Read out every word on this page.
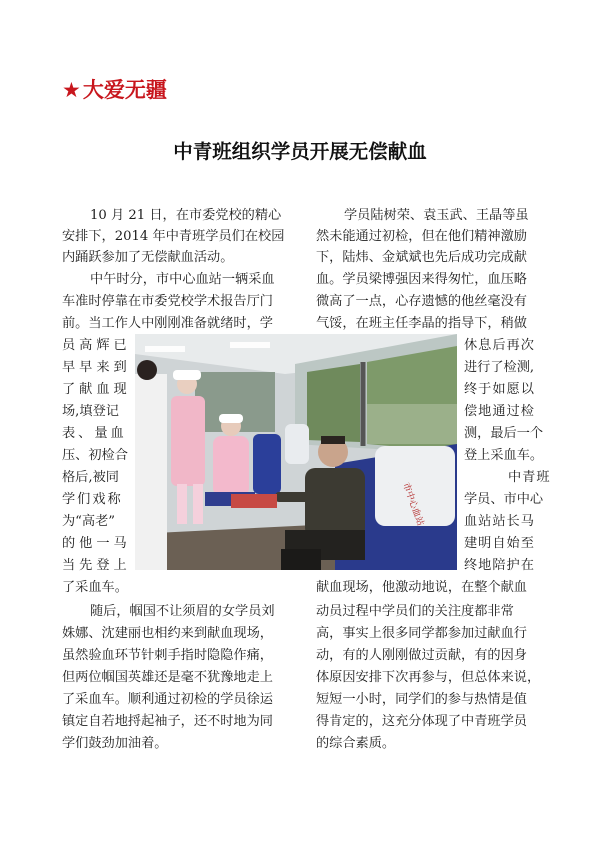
★大爱无疆
中青班组织学员开展无偿献血
10 月 21 日，在市委党校的精心
安排下，2014 年中青班学员们在校园
内踊跃参加了无偿献血活动。
中午时分，市中心血站一辆采血
车准时停靠在市委党校学术报告厅门
前。当工作人中刚刚准备就绪时，学
员高辉已
早早来到
了献血现
场,填登记
表、量血
压、初检合
格后,被同
学们戏称
为“高老”
的他一马
当先登上
了采血车。
随后，帼国不让须眉的女学员刘
姝娜、沈建丽也相约来到献血现场，
虽然验血环节针刺手指时隐隐作痛，
但两位帼国英雄还是毫不犹豫地走上
了采血车。顺利通过初检的学员徐运
镇定自若地捋起袖子，还不时地为同
学们鼓劲加油着。
学员陆树荣、袁玉武、王晶等虽
然未能通过初检，但在他们精神激励
下，陆炜、金斌斌也先后成功完成献
血。学员梁博强因来得匆忙，血压略
微高了一点，心存遗憾的他丝毫没有
气馁，在班主任李晶的指导下，稍做
休息后再次
进行了检测,
终于如愿以
偿地通过检
测，最后一个
登上采血车。
中青班
学员、市中心
血站站长马
建明自始至
终地陪护在
献血现场，他激动地说，在整个献血
动员过程中学员们的关注度都非常
高，事实上很多同学都参加过献血行
动，有的人刚刚做过贡献，有的因身
体原因安排下次再参与，但总体来说，
短短一小时，同学们的参与热情是值
得肯定的，这充分体现了中青班学员
的综合素质。
市中心血站
